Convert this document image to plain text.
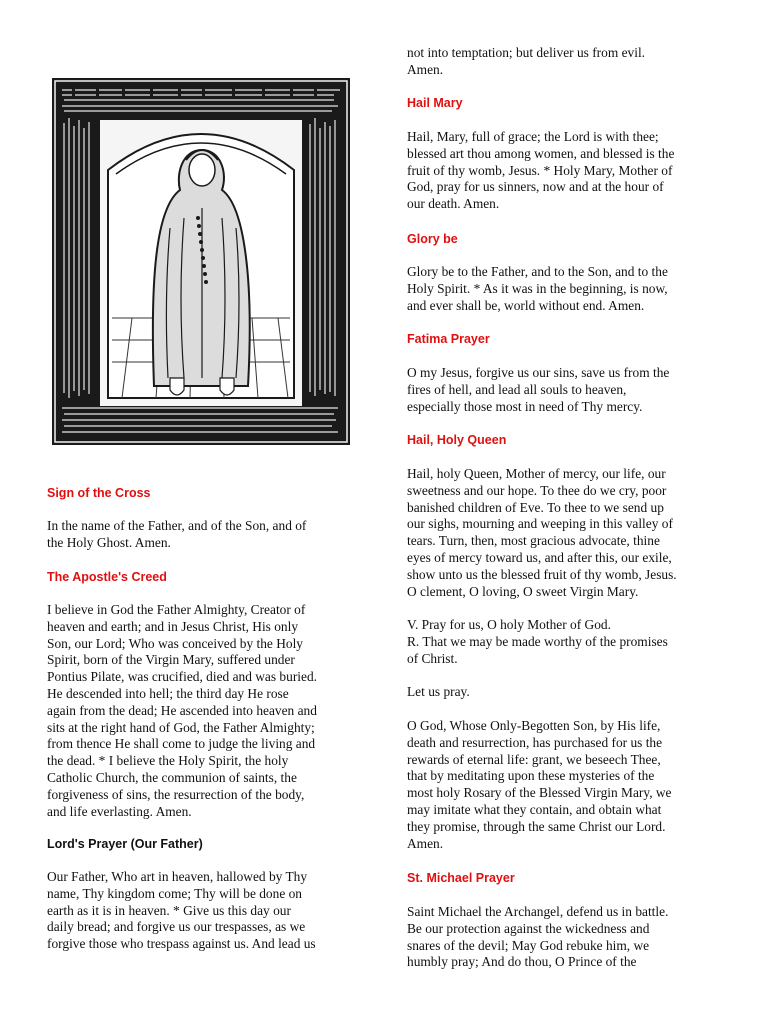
Sign of the Cross

In the name of the Father, and of the Son, and of
the Holy Ghost. Amen.

The Apostle's Creed

I believe in God the Father Almighty, Creator of
heaven and earth; and in Jesus Christ, His only
Son, our Lord; Who was conceived by the Holy
Spirit, born of the Virgin Mary, suffered under
Pontius Pilate, was crucified, died and was buried.
He descended into hell; the third day He rose
again from the dead; He ascended into heaven and
sits at the right hand of God, the Father Almighty;
from thence He shall come to judge the living and
the dead. * I believe the Holy Spirit, the holy
Catholic Church, the communion of saints, the
forgiveness of sins, the resurrection of the body,
and life everlasting. Amen.

Lord's Prayer (Our Father)

Our Father, Who art in heaven, hallowed by Thy
name, Thy kingdom come; Thy will be done on
earth as it is in heaven. * Give us this day our
daily bread; and forgive us our trespasses, as we
forgive those who trespass against us. And lead us

not into temptation; but deliver us from evil.
Amen.

Hail Mary

Hail, Mary, full of grace; the Lord is with thee;
blessed art thou among women, and blessed is the
fruit of thy womb, Jesus. * Holy Mary, Mother of
God, pray for us sinners, now and at the hour of
our death. Amen.

Glory be

Glory be to the Father, and to the Son, and to the
Holy Spirit. * As it was in the beginning, is now,
and ever shall be, world without end. Amen.

Fatima Prayer

O my Jesus, forgive us our sins, save us from the
fires of hell, and lead all souls to heaven,
especially those most in need of Thy mercy.

Hail, Holy Queen

Hail, holy Queen, Mother of mercy, our life, our
sweetness and our hope. To thee do we cry, poor
banished children of Eve. To thee to we send up
our sighs, mourning and weeping in this valley of
tears. Turn, then, most gracious advocate, thine
eyes of mercy toward us, and after this, our exile,
show unto us the blessed fruit of thy womb, Jesus.
O clement, O loving, O sweet Virgin Mary.

V. Pray for us, O holy Mother of God.
R. That we may be made worthy of the promises
of Christ.

Let us pray.

O God, Whose Only-Begotten Son, by His life,
death and resurrection, has purchased for us the
rewards of eternal life: grant, we beseech Thee,
that by meditating upon these mysteries of the
most holy Rosary of the Blessed Virgin Mary, we
may imitate what they contain, and obtain what
they promise, through the same Christ our Lord.
Amen.

St. Michael Prayer

Saint Michael the Archangel, defend us in battle.
Be our protection against the wickedness and
snares of the devil; May God rebuke him, we
humbly pray; And do thou, O Prince of the
